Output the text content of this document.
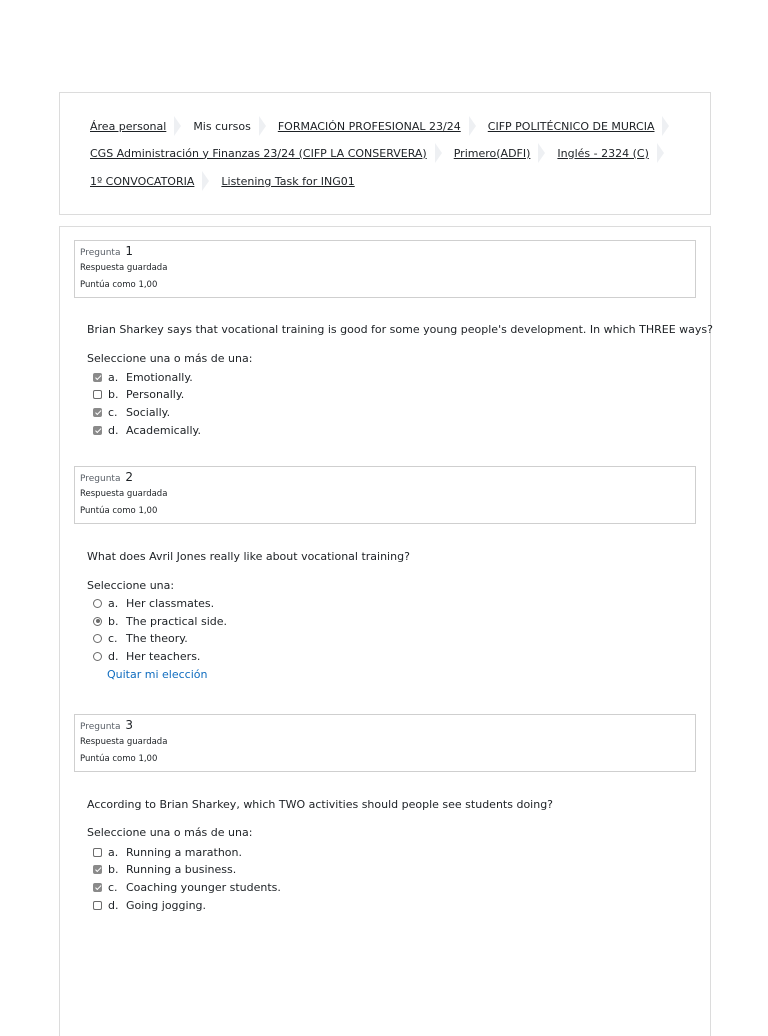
Área personal Mis cursos FORMACIÓN PROFESIONAL 23/24 CIFP POLITÉCNICO DE MURCIA
CGS Administración y Finanzas 23/24 (CIFP LA CONSERVERA) Primero(ADFI) Inglés - 2324 (C)
1º CONVOCATORIA Listening Task for ING01
Pregunta 1
Respuesta guardada
Puntúa como 1,00
Brian Sharkey says that vocational training is good for some young people's development. In which THREE ways?
Seleccione una o más de una:
a. Emotionally.
b. Personally.
c. Socially.
d. Academically.
Pregunta 2
Respuesta guardada
Puntúa como 1,00
What does Avril Jones really like about vocational training?
Seleccione una:
a. Her classmates.
b. The practical side.
c. The theory.
d. Her teachers.
Quitar mi elección
Pregunta 3
Respuesta guardada
Puntúa como 1,00
According to Brian Sharkey, which TWO activities should people see students doing?
Seleccione una o más de una:
a. Running a marathon.
b. Running a business.
c. Coaching younger students.
d. Going jogging.
